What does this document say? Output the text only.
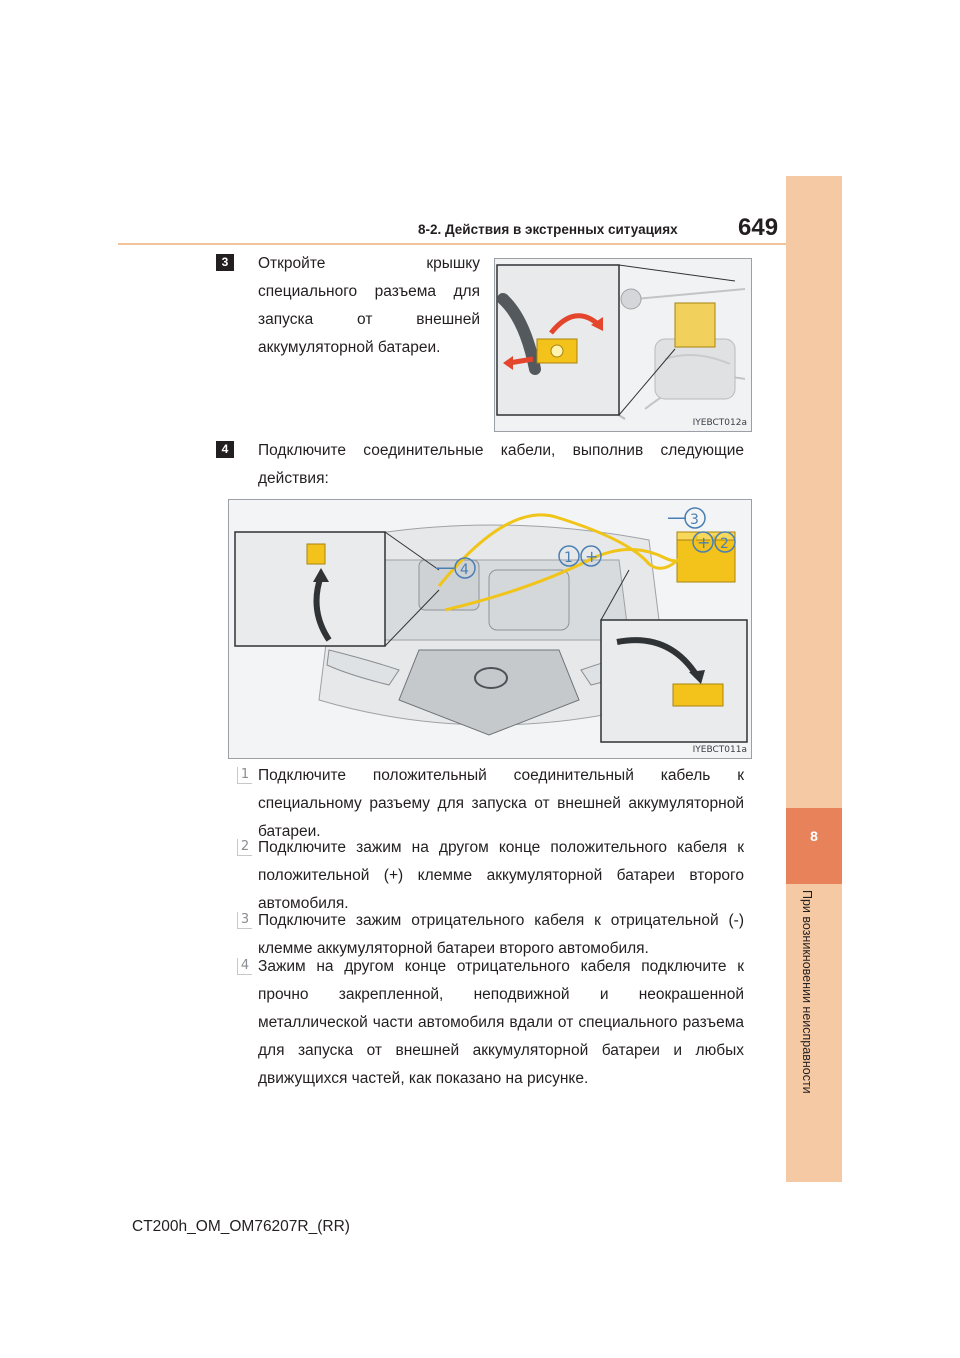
8-2. Действия в экстренных ситуациях	649
8
При возникновении неисправности
3	Откройте крышку специального разъема для запуска от внешней аккумуляторной батареи.
IYEBCT012a
4	Подключите соединительные кабели, выполнив следующие действия:
— 3
+ 2
1 +
— 4
IYEBCT011a
1 Подключите положительный соединительный кабель к специальному разъему для запуска от внешней аккумуляторной батареи.
2 Подключите зажим на другом конце положительного кабеля к положительной (+) клемме аккумуляторной батареи второго автомобиля.
3 Подключите зажим отрицательного кабеля к отрицательной (-) клемме аккумуляторной батареи второго автомобиля.
4 Зажим на другом конце отрицательного кабеля подключите к прочно закрепленной, неподвижной и неокрашенной металлической части автомобиля вдали от специального разъема для запуска от внешней аккумуляторной батареи и любых движущихся частей, как показано на рисунке.
CT200h_OM_OM76207R_(RR)
